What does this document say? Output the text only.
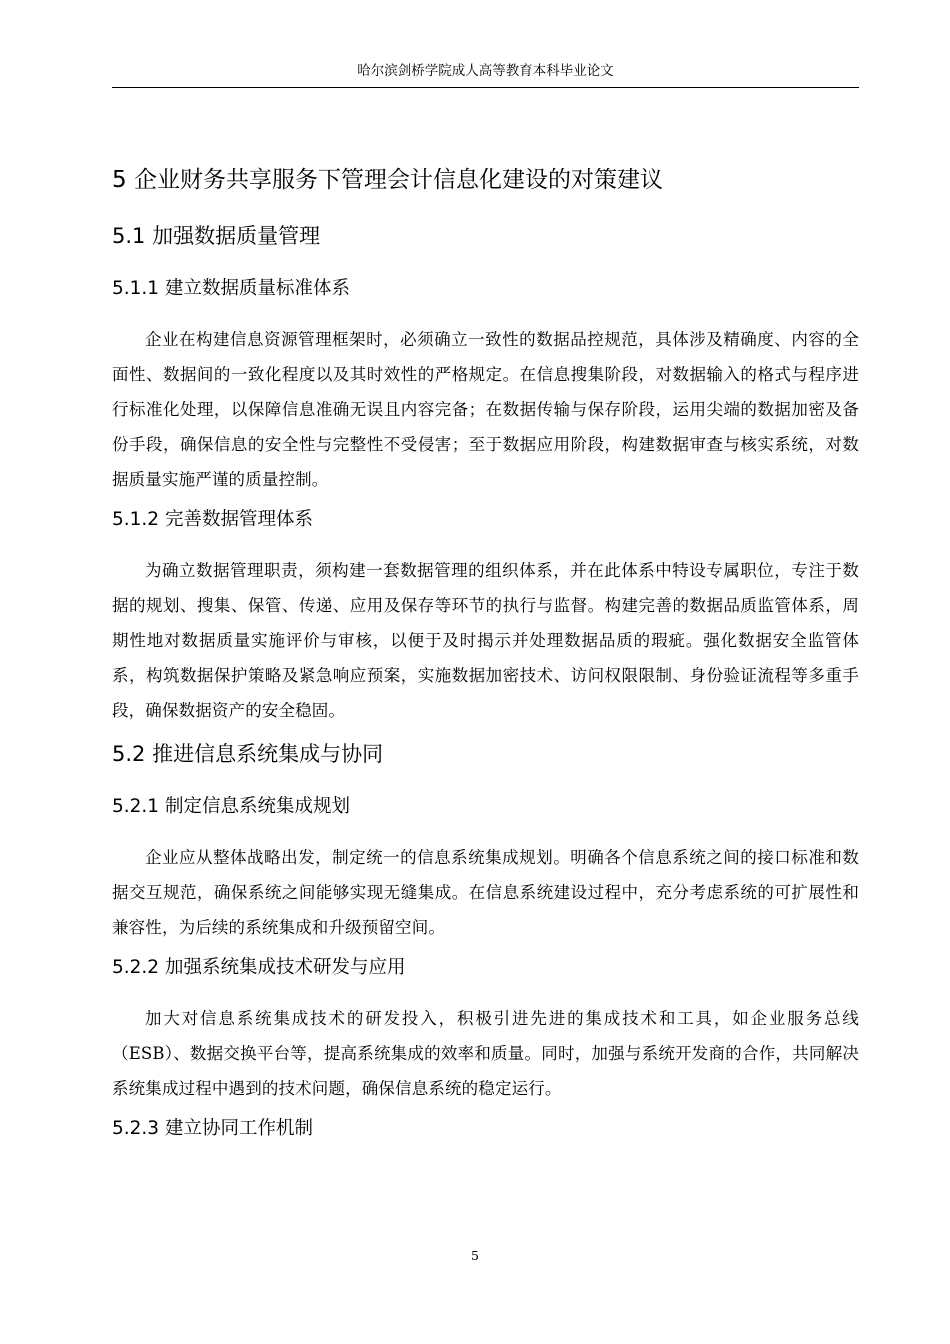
哈尔滨剑桥学院成人高等教育本科毕业论文
5 企业财务共享服务下管理会计信息化建设的对策建议
5.1 加强数据质量管理
5.1.1 建立数据质量标准体系

企业在构建信息资源管理框架时，必须确立一致性的数据品控规范，具体涉及精确度、内容的全面性、数据间的一致化程度以及其时效性的严格规定。在信息搜集阶段，对数据输入的格式与程序进行标准化处理，以保障信息准确无误且内容完备；在数据传输与保存阶段，运用尖端的数据加密及备份手段，确保信息的安全性与完整性不受侵害；至于数据应用阶段，构建数据审查与核实系统，对数据质量实施严谨的质量控制。

5.1.2 完善数据管理体系

为确立数据管理职责，须构建一套数据管理的组织体系，并在此体系中特设专属职位，专注于数据的规划、搜集、保管、传递、应用及保存等环节的执行与监督。构建完善的数据品质监管体系，周期性地对数据质量实施评价与审核，以便于及时揭示并处理数据品质的瑕疵。强化数据安全监管体系，构筑数据保护策略及紧急响应预案，实施数据加密技术、访问权限限制、身份验证流程等多重手段，确保数据资产的安全稳固。

5.2 推进信息系统集成与协同
5.2.1 制定信息系统集成规划

企业应从整体战略出发，制定统一的信息系统集成规划。明确各个信息系统之间的接口标准和数据交互规范，确保系统之间能够实现无缝集成。在信息系统建设过程中，充分考虑系统的可扩展性和兼容性，为后续的系统集成和升级预留空间。

5.2.2 加强系统集成技术研发与应用

加大对信息系统集成技术的研发投入，积极引进先进的集成技术和工具，如企业服务总线（ESB）、数据交换平台等，提高系统集成的效率和质量。同时，加强与系统开发商的合作，共同解决系统集成过程中遇到的技术问题，确保信息系统的稳定运行。

5.2.3 建立协同工作机制
5
